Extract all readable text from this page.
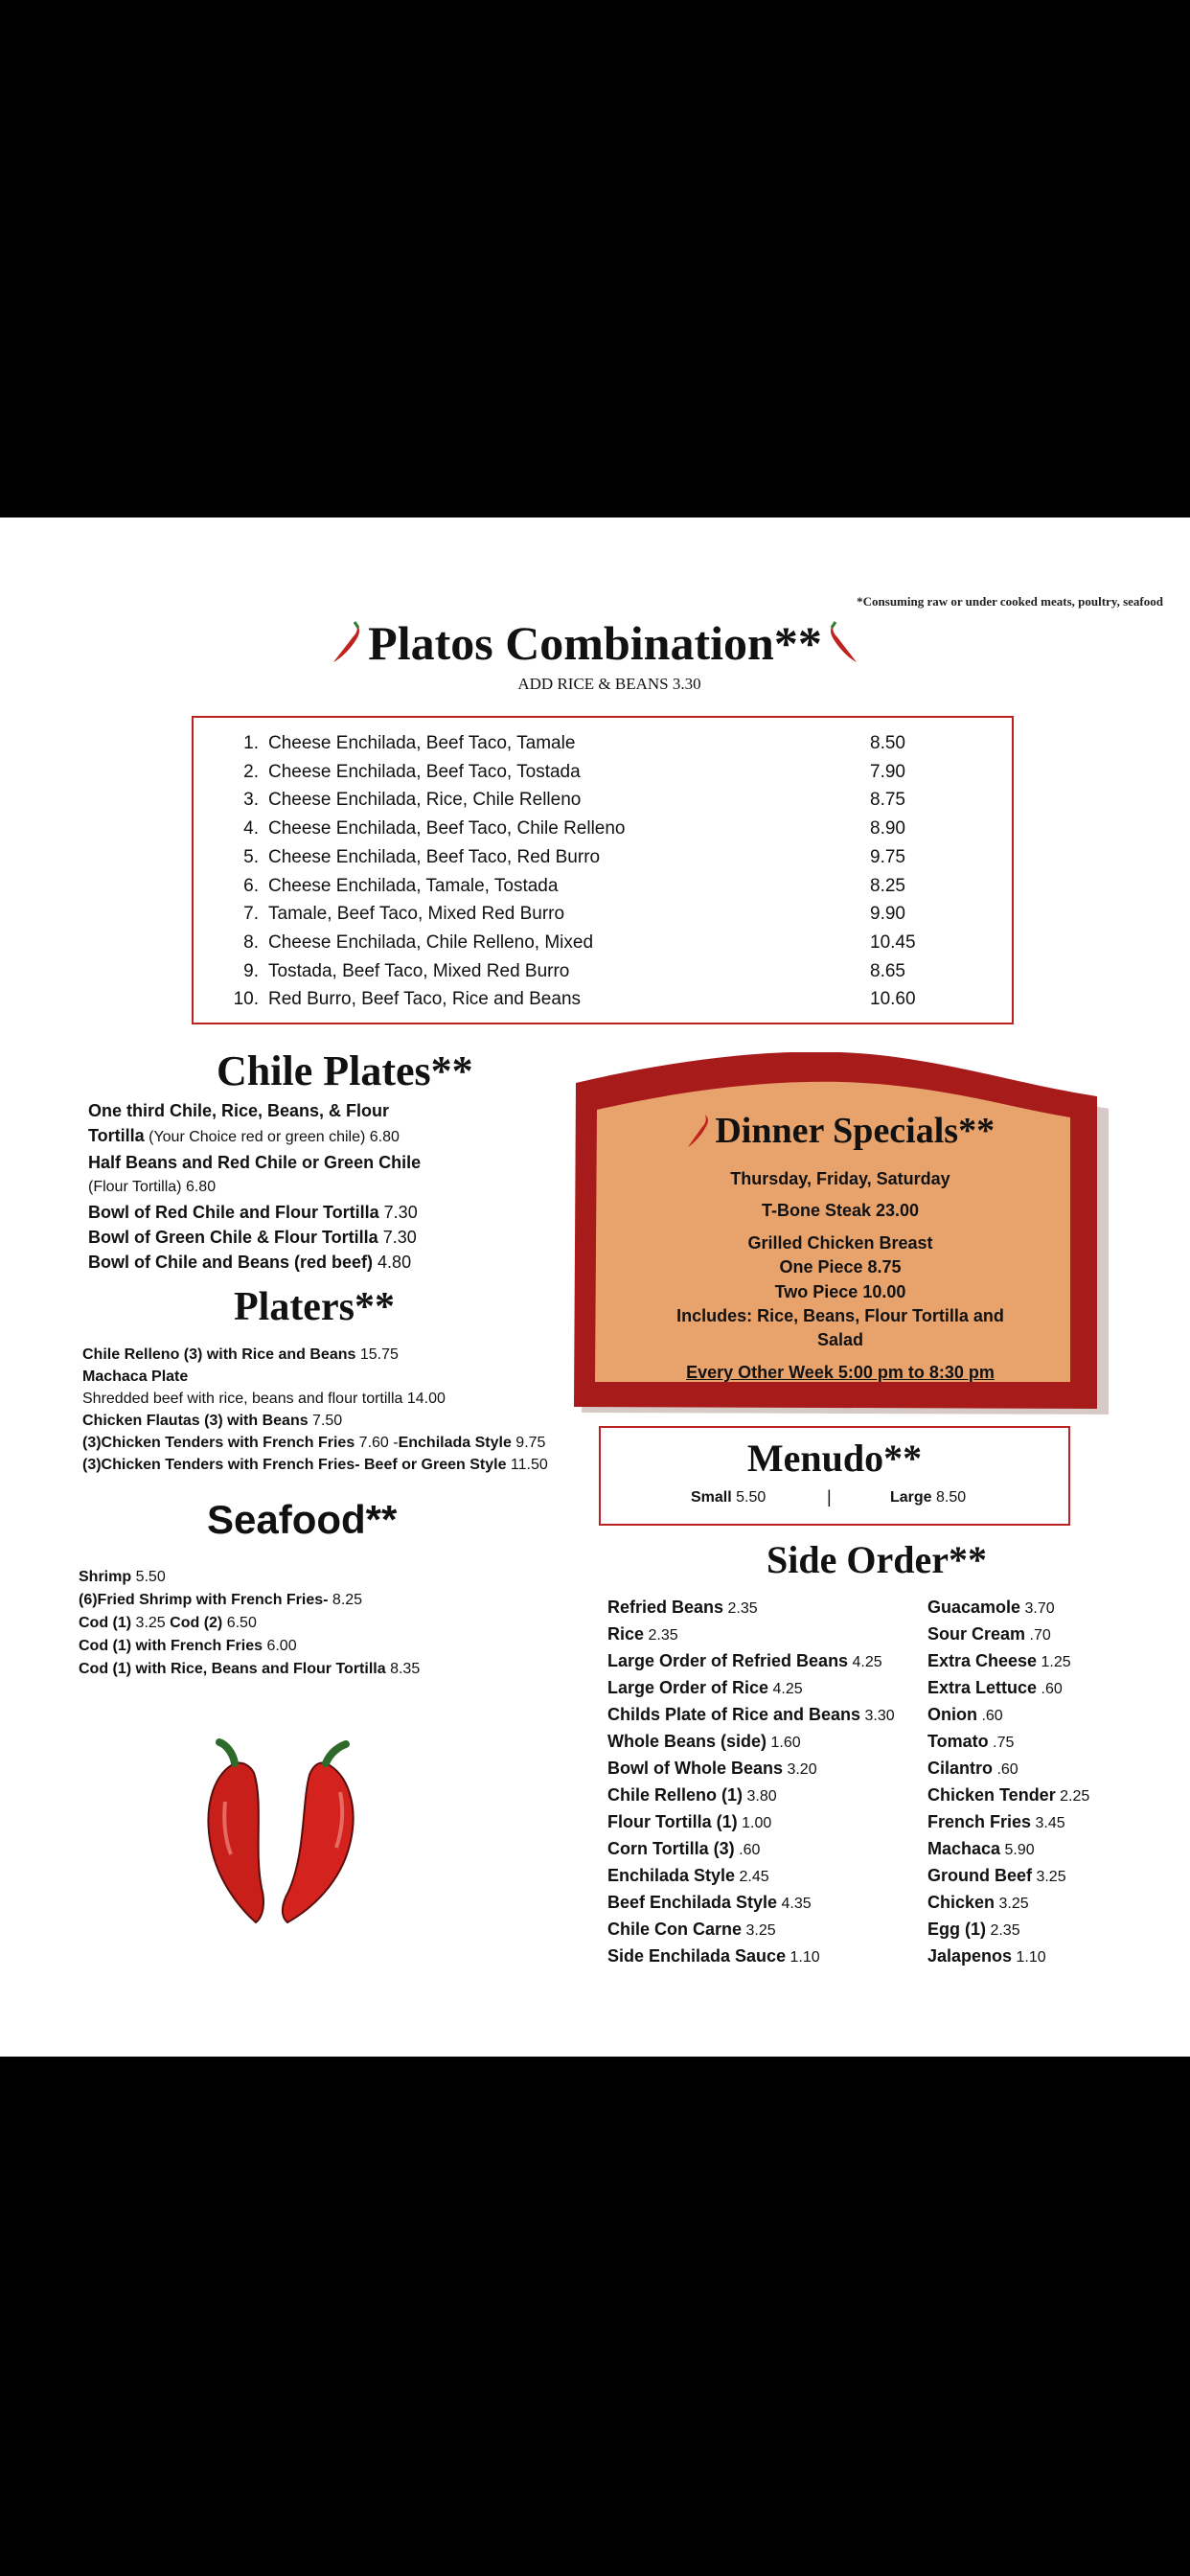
*Consuming raw or under cooked meats, poultry, seafood
Platos Combination**
ADD RICE & BEANS 3.30
1. Cheese Enchilada, Beef Taco, Tamale	8.50
2. Cheese Enchilada, Beef Taco, Tostada	7.90
3. Cheese Enchilada, Rice, Chile Relleno	8.75
4. Cheese Enchilada, Beef Taco, Chile Relleno	8.90
5. Cheese Enchilada, Beef Taco, Red Burro	9.75
6. Cheese Enchilada, Tamale, Tostada	8.25
7. Tamale, Beef Taco, Mixed Red Burro	9.90
8. Cheese Enchilada, Chile Relleno, Mixed	10.45
9. Tostada, Beef Taco, Mixed Red Burro	8.65
10. Red Burro, Beef Taco, Rice and Beans	10.60
Chile Plates**
One third Chile, Rice, Beans, & Flour
Tortilla (Your Choice red or green chile) 6.80
Half Beans and Red Chile or Green Chile
(Flour Tortilla) 6.80
Bowl of Red Chile and Flour Tortilla 7.30
Bowl of Green Chile & Flour Tortilla 7.30
Bowl of Chile and Beans (red beef) 4.80
Platers**
Chile Relleno (3) with Rice and Beans 15.75
Machaca Plate
Shredded beef with rice, beans and flour tortilla 14.00
Chicken Flautas (3) with Beans 7.50
(3)Chicken Tenders with French Fries 7.60 -Enchilada Style 9.75
(3)Chicken Tenders with French Fries- Beef or Green Style 11.50
Seafood**
Shrimp 5.50
(6)Fried Shrimp with French Fries- 8.25
Cod (1) 3.25 Cod (2) 6.50
Cod (1) with French Fries 6.00
Cod (1) with Rice, Beans and Flour Tortilla 8.35
Dinner Specials**
Thursday, Friday, Saturday
T-Bone Steak 23.00
Grilled Chicken Breast
One Piece 8.75
Two Piece 10.00
Includes: Rice, Beans, Flour Tortilla and
Salad
Every Other Week 5:00 pm to 8:30 pm
Menudo**
Small 5.50	|	Large 8.50
Side Order**
Refried Beans 2.35
Rice 2.35
Large Order of Refried Beans 4.25
Large Order of Rice 4.25
Childs Plate of Rice and Beans 3.30
Whole Beans (side) 1.60
Bowl of Whole Beans 3.20
Chile Relleno (1) 3.80
Flour Tortilla (1) 1.00
Corn Tortilla (3) .60
Enchilada Style 2.45
Beef Enchilada Style 4.35
Chile Con Carne 3.25
Side Enchilada Sauce 1.10
Guacamole 3.70
Sour Cream .70
Extra Cheese 1.25
Extra Lettuce .60
Onion .60
Tomato .75
Cilantro .60
Chicken Tender 2.25
French Fries 3.45
Machaca 5.90
Ground Beef 3.25
Chicken 3.25
Egg (1) 2.35
Jalapenos 1.10
